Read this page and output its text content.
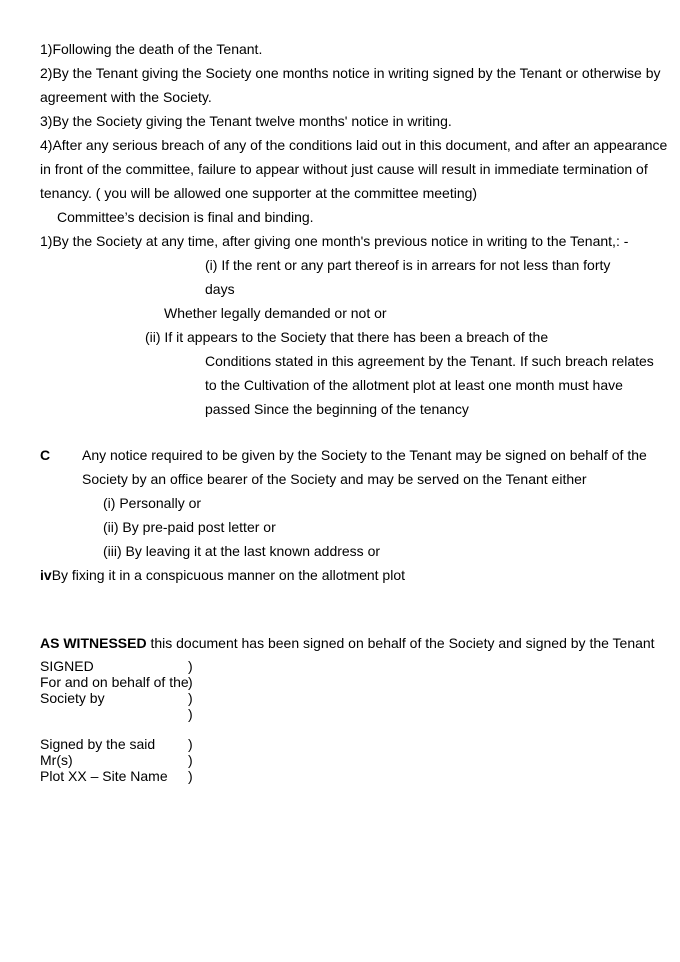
1)Following the death of the Tenant.
2)By the Tenant giving the Society one months notice in writing signed by the Tenant or otherwise by
agreement with the Society.
3)By the Society giving the Tenant twelve months' notice in writing.
4)After any serious breach of any of the conditions laid out in this document, and after an appearance
in front of the committee, failure to appear without just cause will result in immediate termination of
tenancy. ( you will be allowed one supporter at the committee meeting)
Committee’s decision is final and binding.
1)By the Society at any time, after giving one month's previous notice in writing to the Tenant,: -
(i) If the rent or any part thereof is in arrears for not less than forty
days
Whether legally demanded or not or
(ii) If it appears to the Society that there has been a breach of the
Conditions stated in this agreement by the Tenant. If such breach relates
to the Cultivation of the allotment plot at least one month must have
passed Since the beginning of the tenancy
C Any notice required to be given by the Society to the Tenant may be signed on behalf of the
Society by an office bearer of the Society and may be served on the Tenant either
(i) Personally or
(ii) By pre-paid post letter or
(iii) By leaving it at the last known address or
ivBy fixing it in a conspicuous manner on the allotment plot
AS WITNESSED this document has been signed on behalf of the Society and signed by the Tenant
SIGNED	)
For and on behalf of the)
Society by	)
)
Signed by the said )
Mr(s)	)
Plot XX – Site Name )
